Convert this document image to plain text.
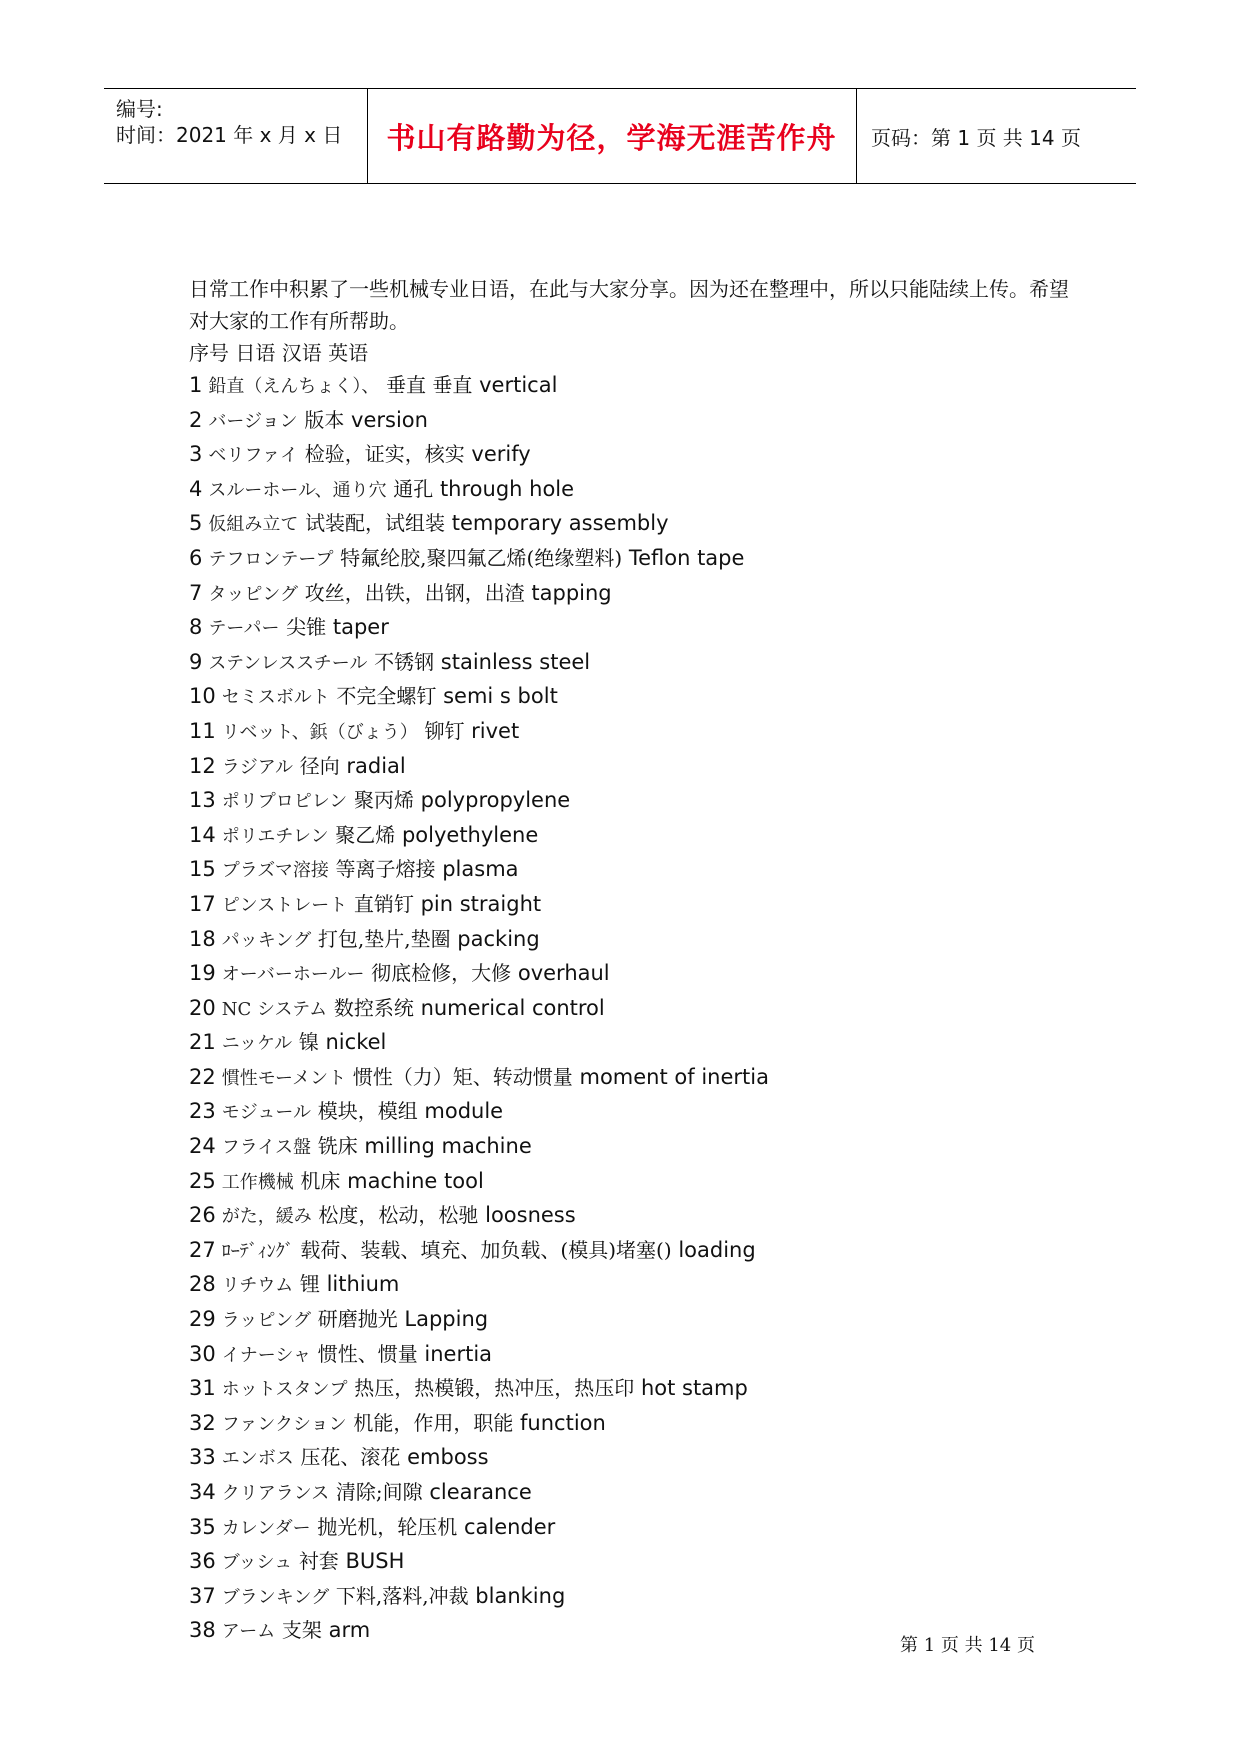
编号:
时间：2021 年 x 月 x 日 书山有路勤为径，学海无涯苦作舟 页码：第 1 页 共 14 页
日常工作中积累了一些机械专业日语，在此与大家分享。因为还在整理中，所以只能陆续上传。希望对大家的工作有所帮助。
序号 日语 汉语 英语
1 鉛直（えんちょく）、 垂直 垂直 vertical
2 バージョン 版本 version
3 ベリファイ 检验，证实，核实 verify
4 スルーホール、通り穴 通孔 through hole
5 仮組み立て 试装配，试组装 temporary assembly
6 テフロンテープ 特氟纶胶,聚四氟乙烯(绝缘塑料) Teflon tape
7 タッピング 攻丝，出铁，出钢，出渣 tapping
8 テーパー 尖锥 taper
9 ステンレススチール 不锈钢 stainless steel
10 セミスボルト 不完全螺钉 semi s bolt
11 リベット、鋲（びょう） 铆钉 rivet
12 ラジアル 径向 radial
13 ポリプロピレン 聚丙烯 polypropylene
14 ポリエチレン 聚乙烯 polyethylene
15 プラズマ溶接 等离子熔接 plasma
17 ピンストレート 直销钉 pin straight
18 パッキング 打包,垫片,垫圈 packing
19 オーバーホールー 彻底检修，大修 overhaul
20 NC システム 数控系统 numerical control
21 ニッケル 镍 nickel
22 慣性モーメント 惯性（力）矩、转动惯量 moment of inertia
23 モジュール 模块，模组 module
24 フライス盤 铣床 milling machine
25 工作機械 机床 machine tool
26 がた，緩み 松度，松动，松驰 loosness
27 ﾛｰﾃﾞｨﾝｸﾞ 载荷、装载、填充、加负载、(模具)堵塞() loading
28 リチウム 锂 lithium
29 ラッピング 研磨抛光 Lapping
30 イナーシャ 惯性、惯量 inertia
31 ホットスタンプ 热压，热模锻，热冲压，热压印 hot stamp
32 ファンクション 机能，作用，职能 function
33 エンボス 压花、滚花 emboss
34 クリアランス 清除;间隙 clearance
35 カレンダー 抛光机，轮压机 calender
36 ブッシュ 衬套 BUSH
37 ブランキング 下料,落料,冲裁 blanking
38 アーム 支架 arm
第 1 页 共 14 页
